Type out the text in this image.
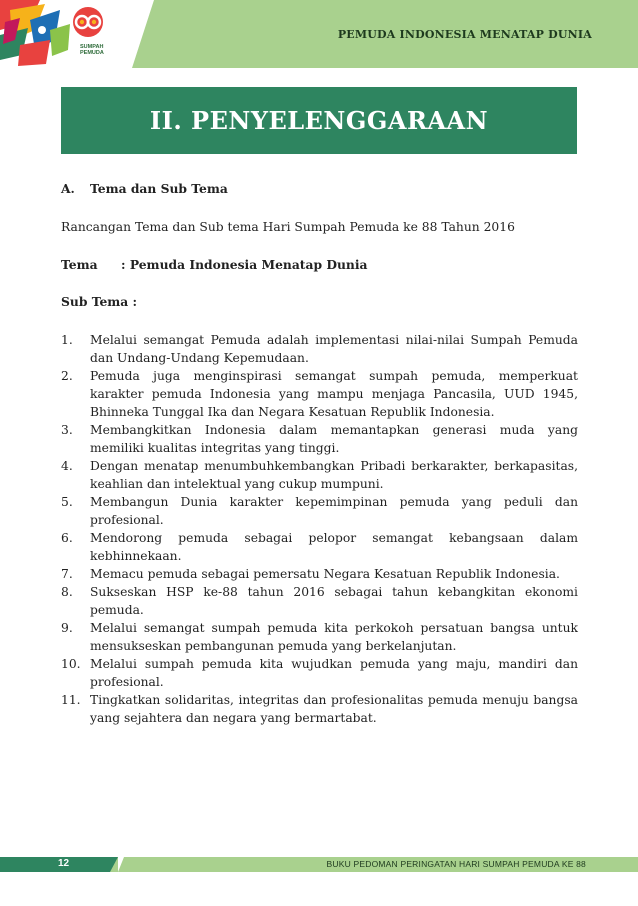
SUMPAH
PEMUDA
PEMUDA INDONESIA MENATAP DUNIA
II. PENYELENGGARAAN
A.	Tema dan Sub Tema
Rancangan Tema dan Sub tema Hari Sumpah Pemuda ke 88 Tahun 2016
Tema	: Pemuda Indonesia Menatap Dunia
Sub Tema :
1.	Melalui semangat Pemuda adalah implementasi nilai-nilai Sumpah Pemuda dan Undang-Undang Kepemudaan.
2.	Pemuda juga menginspirasi semangat sumpah pemuda, memperkuat karakter pemuda Indonesia yang mampu menjaga Pancasila, UUD 1945, Bhinneka Tunggal Ika dan Negara Kesatuan Republik Indonesia.
3.	Membangkitkan Indonesia dalam memantapkan generasi muda yang memiliki kualitas integritas yang tinggi.
4.	Dengan menatap menumbuhkembangkan Pribadi berkarakter, berkapasitas, keahlian dan intelektual yang cukup mumpuni.
5.	Membangun Dunia karakter kepemimpinan pemuda yang peduli dan profesional.
6.	Mendorong pemuda sebagai pelopor semangat kebangsaan dalam kebhinnekaan.
7.	Memacu pemuda sebagai pemersatu Negara Kesatuan Republik Indonesia.
8.	Sukseskan HSP ke-88 tahun 2016 sebagai tahun kebangkitan ekonomi pemuda.
9.	Melalui semangat sumpah pemuda kita perkokoh persatuan bangsa untuk mensukseskan pembangunan pemuda yang berkelanjutan.
10. Melalui sumpah pemuda kita wujudkan pemuda yang maju, mandiri dan profesional.
11. Tingkatkan solidaritas, integritas dan profesionalitas pemuda menuju bangsa yang sejahtera dan negara yang bermartabat.
12	BUKU PEDOMAN PERINGATAN HARI SUMPAH PEMUDA KE 88
